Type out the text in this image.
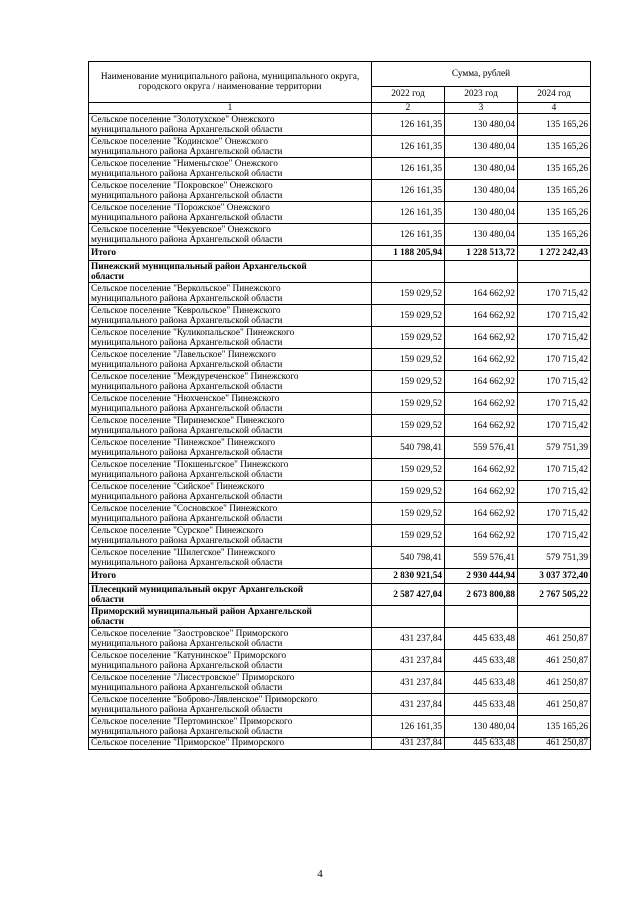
Наименование муниципального района, муниципального округа, городского округа / наименование территории	Сумма, рублей		
	2022 год	2023 год	2024 год
1	2	3	4

Сельское поселение "Золотухское" Онежского
муниципального района Архангельской области	126 161,35	130 480,04	135 165,26

Сельское поселение "Кодинское" Онежского
муниципального района Архангельской области	126 161,35	130 480,04	135 165,26

Сельское поселение "Нименьгское" Онежского
муниципального района Архангельской области	126 161,35	130 480,04	135 165,26

Сельское поселение "Покровское" Онежского
муниципального района Архангельской области	126 161,35	130 480,04	135 165,26

Сельское поселение "Порожское" Онежского
муниципального района Архангельской области	126 161,35	130 480,04	135 165,26

Сельское поселение "Чекуевское" Онежского
муниципального района Архангельской области	126 161,35	130 480,04	135 165,26

Итого	1 188 205,94	1 228 513,72	1 272 242,43

Пинежский муниципальный район Архангельской
области			

Сельское поселение "Веркольское" Пинежского
муниципального района Архангельской области	159 029,52	164 662,92	170 715,42

Сельское поселение "Кеврольское" Пинежского
муниципального района Архангельской области	159 029,52	164 662,92	170 715,42

Сельское поселение "Куликопальское" Пинежского
муниципального района Архангельской области	159 029,52	164 662,92	170 715,42

Сельское поселение "Лавельское" Пинежского
муниципального района Архангельской области	159 029,52	164 662,92	170 715,42

Сельское поселение "Междуреченское" Пинежского
муниципального района Архангельской области	159 029,52	164 662,92	170 715,42

Сельское поселение "Нюхченское" Пинежского
муниципального района Архангельской области	159 029,52	164 662,92	170 715,42

Сельское поселение "Пиринемское" Пинежского
муниципального района Архангельской области	159 029,52	164 662,92	170 715,42

Сельское поселение "Пинежское" Пинежского
муниципального района Архангельской области	540 798,41	559 576,41	579 751,39

Сельское поселение "Покшеньгское" Пинежского
муниципального района Архангельской области	159 029,52	164 662,92	170 715,42

Сельское поселение "Сийское" Пинежского
муниципального района Архангельской области	159 029,52	164 662,92	170 715,42

Сельское поселение "Сосновское" Пинежского
муниципального района Архангельской области	159 029,52	164 662,92	170 715,42

Сельское поселение "Сурское" Пинежского
муниципального района Архангельской области	159 029,52	164 662,92	170 715,42

Сельское поселение "Шилегское" Пинежского
муниципального района Архангельской области	540 798,41	559 576,41	579 751,39

Итого	2 830 921,54	2 930 444,94	3 037 372,40

Плесецкий муниципальный округ Архангельской
области	2 587 427,04	2 673 800,88	2 767 505,22

Приморский муниципальный район Архангельской
области			

Сельское поселение "Заостровское" Приморского
муниципального района Архангельской области	431 237,84	445 633,48	461 250,87

Сельское поселение "Катунинское" Приморского
муниципального района Архангельской области	431 237,84	445 633,48	461 250,87

Сельское поселение "Лисестровское" Приморского
муниципального района Архангельской области	431 237,84	445 633,48	461 250,87

Сельское поселение "Боброво-Лявленское" Приморского
муниципального района Архангельской области	431 237,84	445 633,48	461 250,87

Сельское поселение "Пертоминское" Приморского
муниципального района Архангельской области	126 161,35	130 480,04	135 165,26

Сельское поселение "Приморское" Приморского	431 237,84	445 633,48	461 250,87
4
